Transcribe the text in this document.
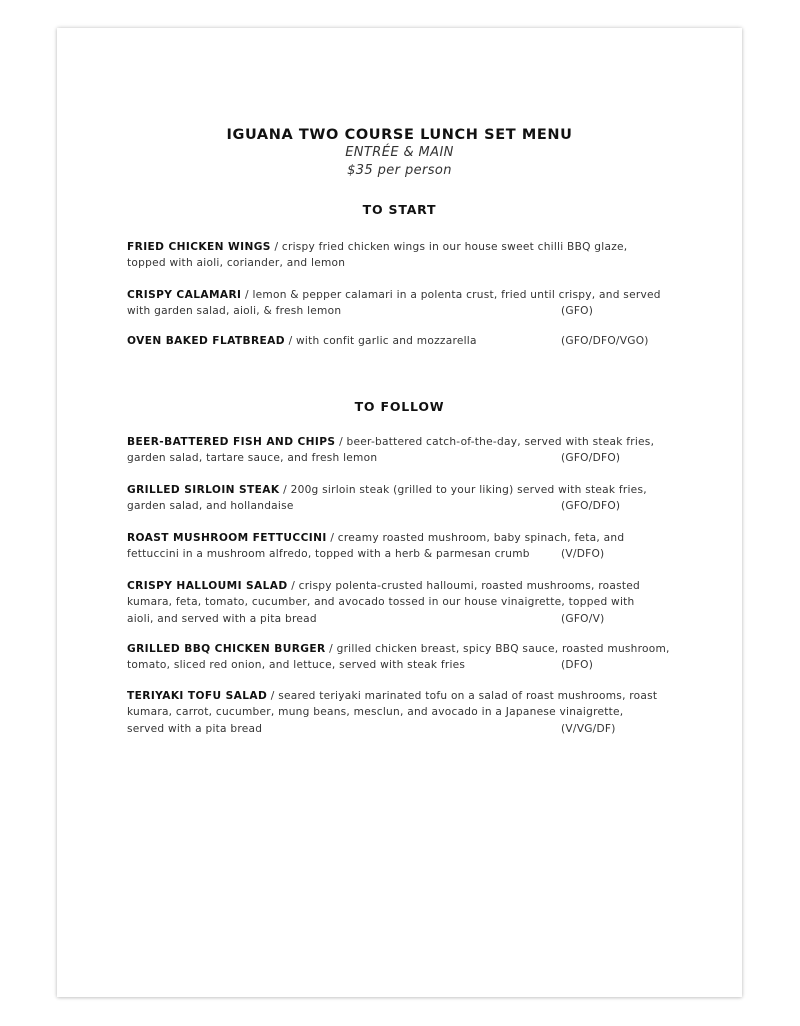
IGUANA TWO COURSE LUNCH SET MENU
ENTRÉE & MAIN
$35 per person
TO START
FRIED CHICKEN WINGS / crispy fried chicken wings in our house sweet chilli BBQ glaze,
topped with aioli, coriander, and lemon
CRISPY CALAMARI / lemon & pepper calamari in a polenta crust, fried until crispy, and served
with garden salad, aioli, & fresh lemon	(GFO)
OVEN BAKED FLATBREAD / with confit garlic and mozzarella	(GFO/DFO/VGO)
TO FOLLOW
BEER-BATTERED FISH AND CHIPS / beer-battered catch-of-the-day, served with steak fries,
garden salad, tartare sauce, and fresh lemon	(GFO/DFO)
GRILLED SIRLOIN STEAK / 200g sirloin steak (grilled to your liking) served with steak fries,
garden salad, and hollandaise	(GFO/DFO)
ROAST MUSHROOM FETTUCCINI / creamy roasted mushroom, baby spinach, feta, and
fettuccini in a mushroom alfredo, topped with a herb & parmesan crumb	(V/DFO)
CRISPY HALLOUMI SALAD / crispy polenta-crusted halloumi, roasted mushrooms, roasted
kumara, feta, tomato, cucumber, and avocado tossed in our house vinaigrette, topped with
aioli, and served with a pita bread	(GFO/V)
GRILLED BBQ CHICKEN BURGER / grilled chicken breast, spicy BBQ sauce, roasted mushroom,
tomato, sliced red onion, and lettuce, served with steak fries	(DFO)
TERIYAKI TOFU SALAD / seared teriyaki marinated tofu on a salad of roast mushrooms, roast
kumara, carrot, cucumber, mung beans, mesclun, and avocado in a Japanese vinaigrette,
served with a pita bread	(V/VG/DF)
